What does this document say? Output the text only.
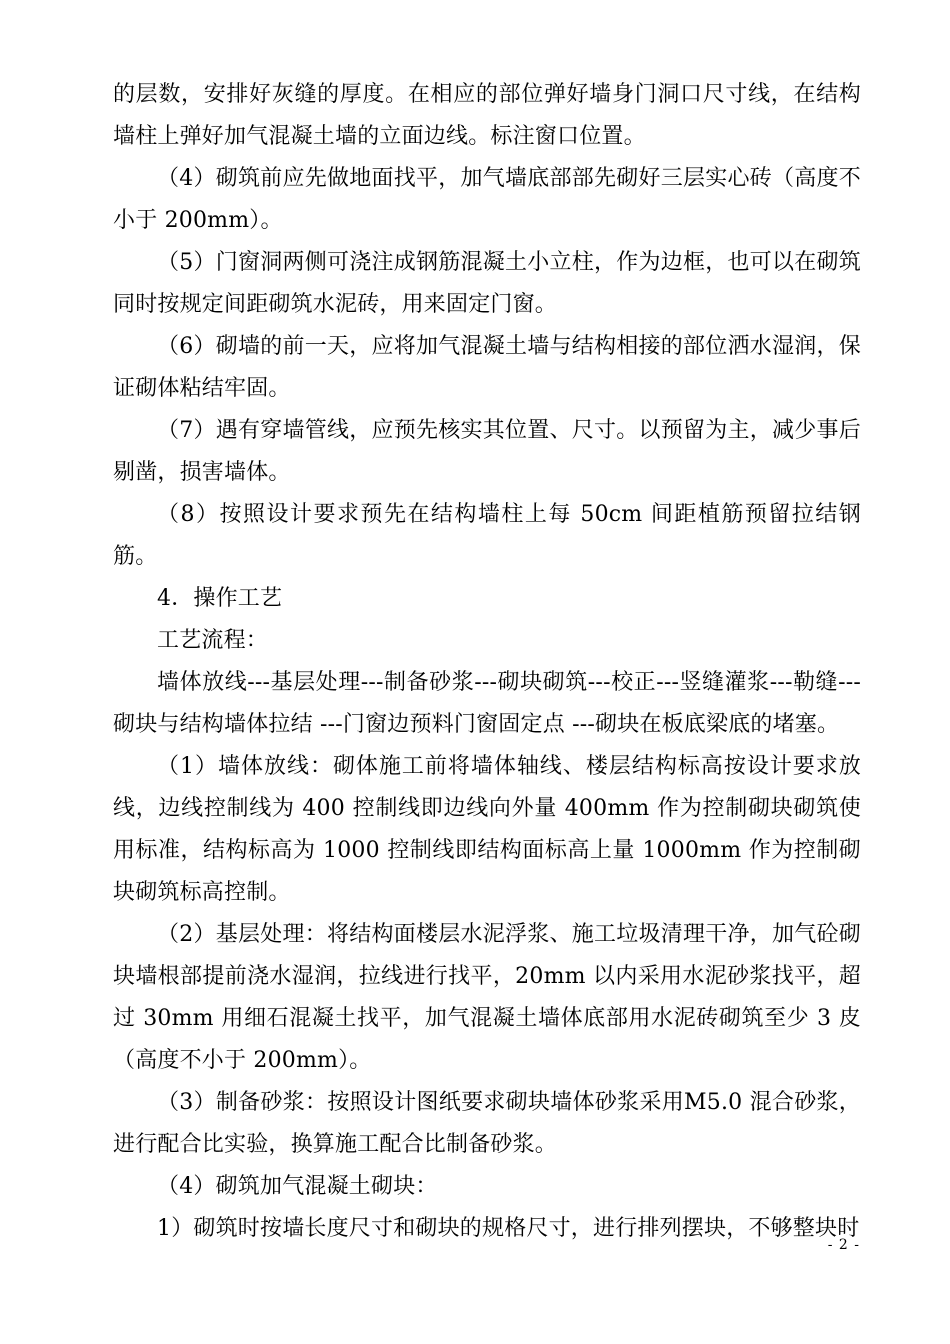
的层数，安排好灰缝的厚度。在相应的部位弹好墙身门洞口尺寸线，在结构墙柱上弹好加气混凝土墙的立面边线。标注窗口位置。

（4）砌筑前应先做地面找平，加气墙底部部先砌好三层实心砖（高度不小于 200mm）。

（5）门窗洞两侧可浇注成钢筋混凝土小立柱，作为边框，也可以在砌筑同时按规定间距砌筑水泥砖，用来固定门窗。

（6）砌墙的前一天，应将加气混凝土墙与结构相接的部位洒水湿润，保证砌体粘结牢固。

（7）遇有穿墙管线，应预先核实其位置、尺寸。以预留为主，减少事后剔凿，损害墙体。

（8）按照设计要求预先在结构墙柱上每 50cm 间距植筋预留拉结钢筋。

4．操作工艺

工艺流程：

墙体放线---基层处理---制备砂浆---砌块砌筑---校正---竖缝灌浆---勒缝---砌块与结构墙体拉结 ---门窗边预料门窗固定点 ---砌块在板底梁底的堵塞。

（1）墙体放线：砌体施工前将墙体轴线、楼层结构标高按设计要求放线，边线控制线为 400 控制线即边线向外量 400mm 作为控制砌块砌筑使用标准，结构标高为 1000 控制线即结构面标高上量 1000mm 作为控制砌块砌筑标高控制。

（2）基层处理：将结构面楼层水泥浮浆、施工垃圾清理干净，加气砼砌块墙根部提前浇水湿润，拉线进行找平，20mm 以内采用水泥砂浆找平，超过 30mm 用细石混凝土找平，加气混凝土墙体底部用水泥砖砌筑至少 3 皮（高度不小于 200mm）。

（3）制备砂浆：按照设计图纸要求砌块墙体砂浆采用M5.0 混合砂浆，进行配合比实验，换算施工配合比制备砂浆。

（4）砌筑加气混凝土砌块：

1）砌筑时按墙长度尺寸和砌块的规格尺寸，进行排列摆块，不够整块时

- 2 -
